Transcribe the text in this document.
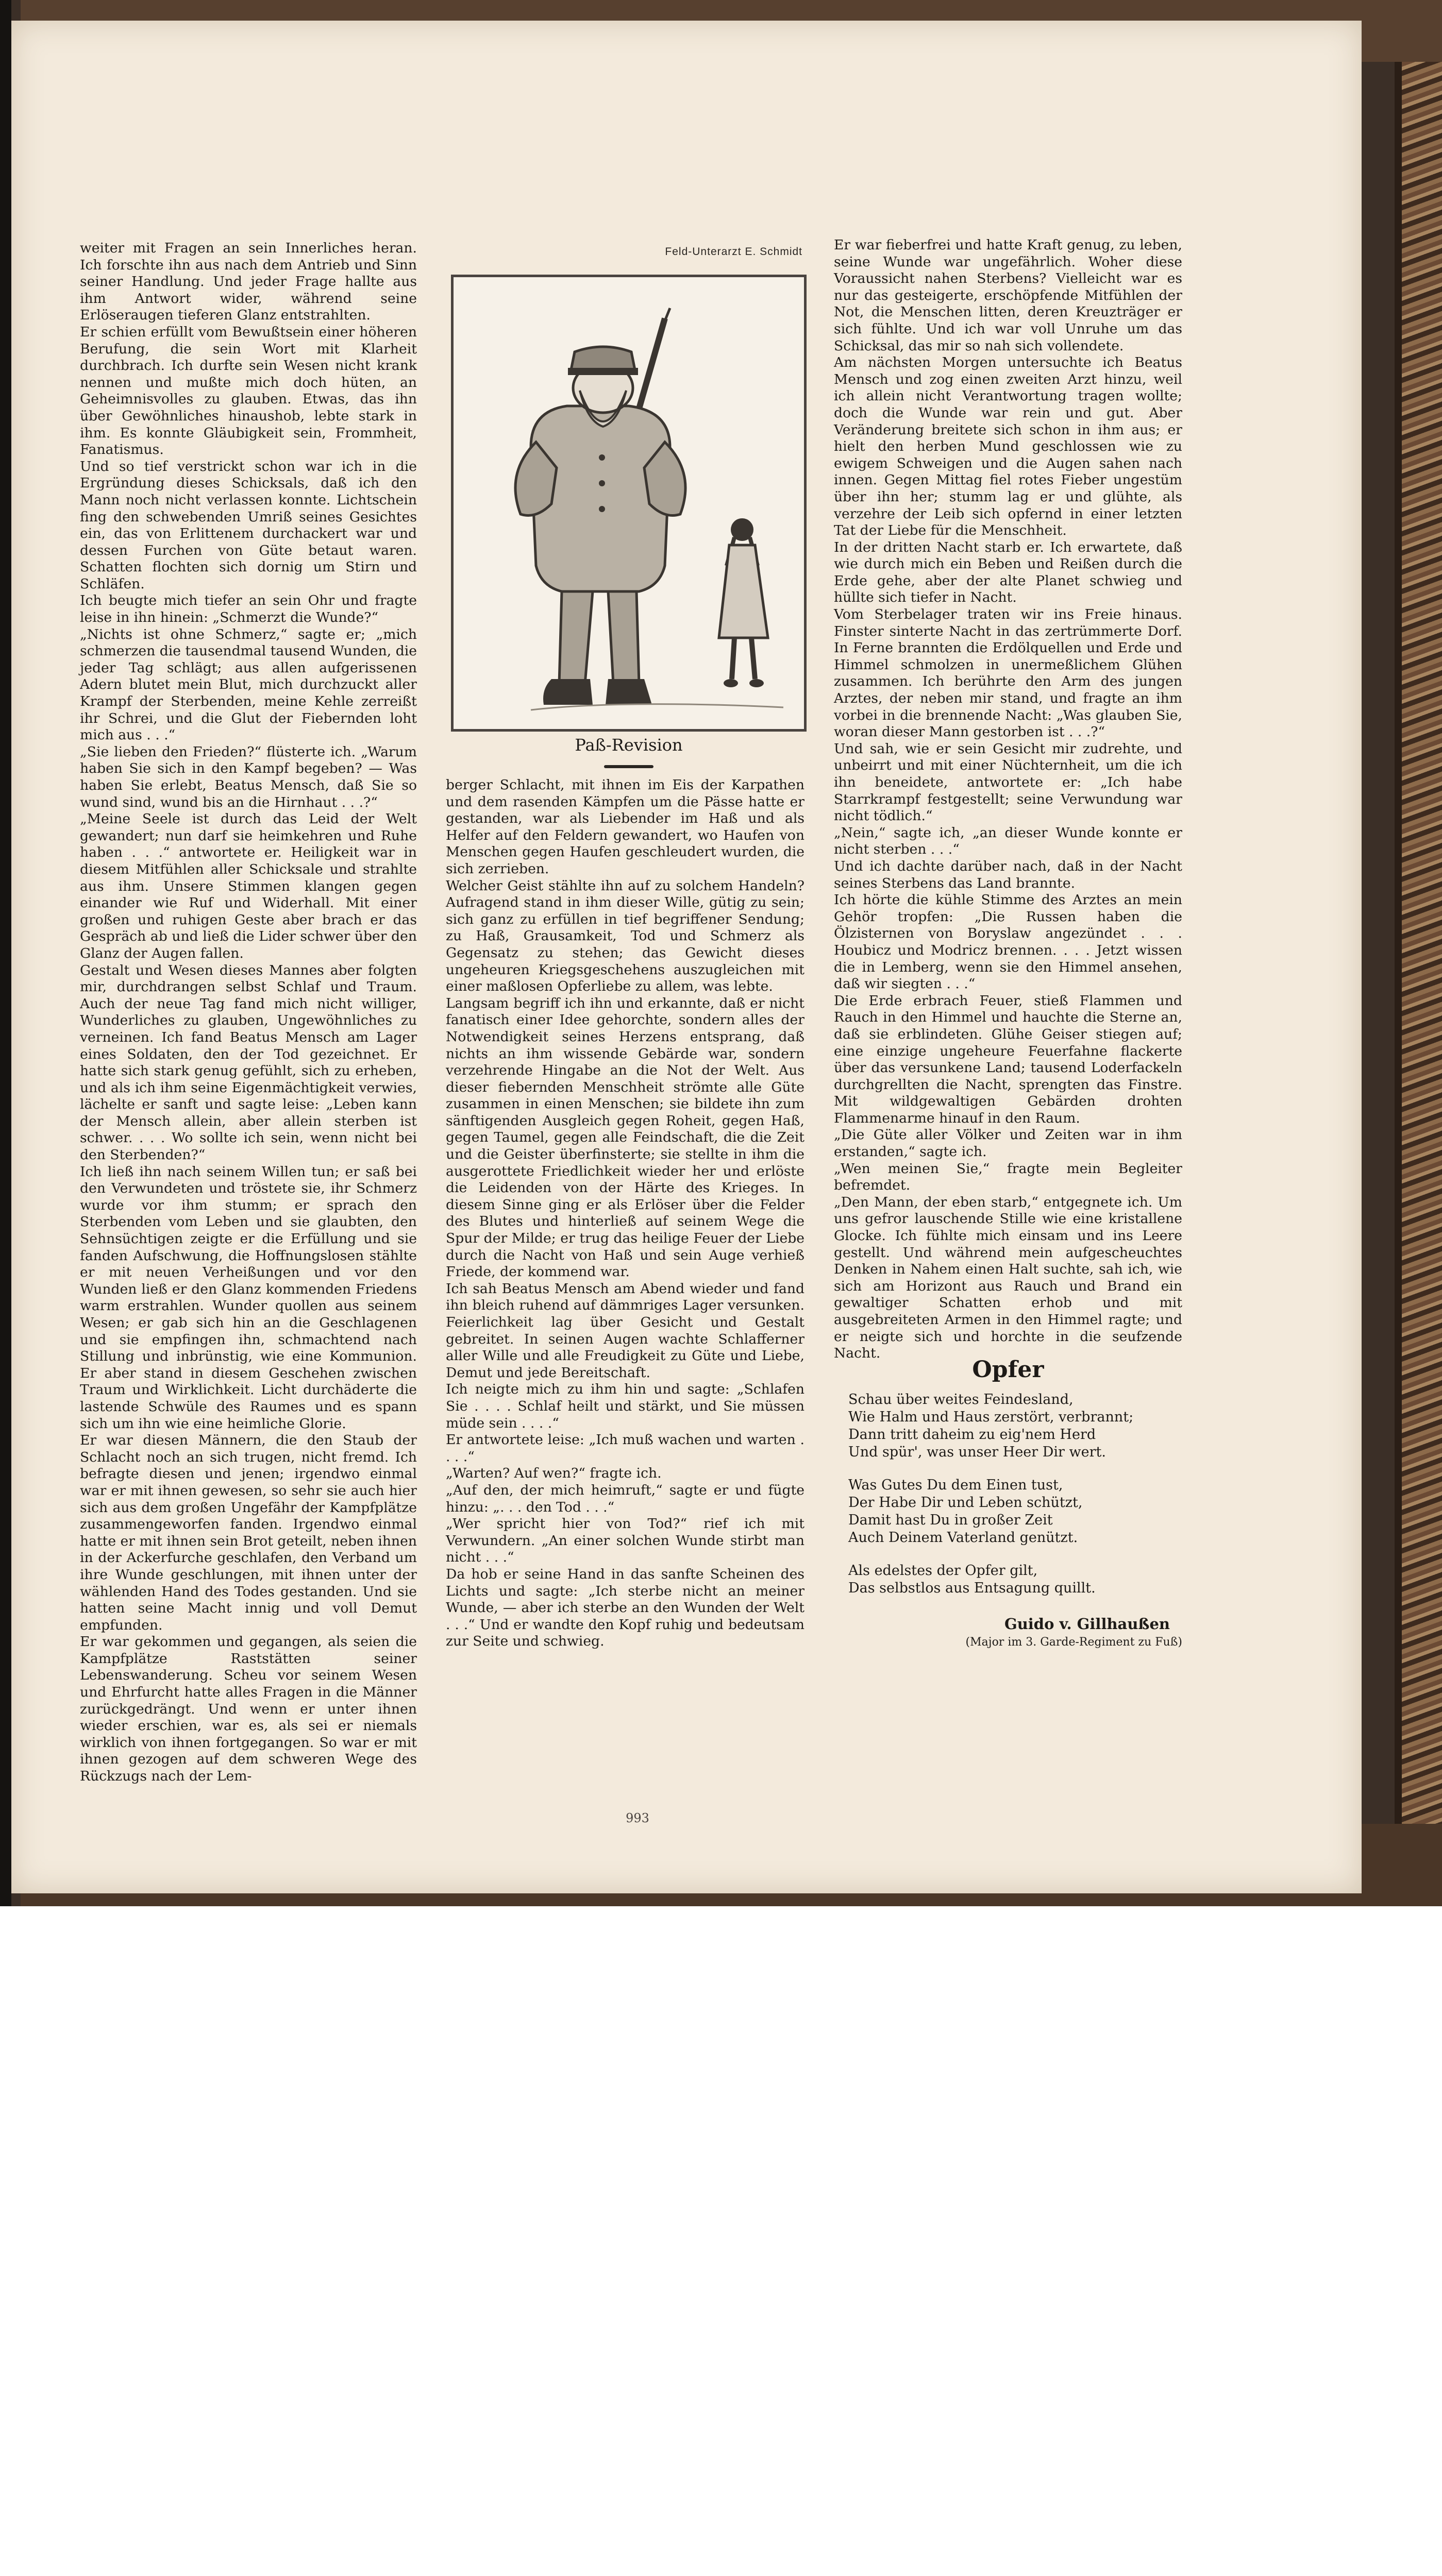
Feld-Unterarzt E. Schmidt
Paß-Revision

weiter mit Fragen an sein Innerliches heran. Ich forschte ihn aus nach dem Antrieb und Sinn seiner Handlung. Und jeder Frage hallte aus ihm Antwort wider, während seine Erlöseraugen tieferen Glanz entstrahlten.

Er schien erfüllt vom Bewußtsein einer höheren Berufung, die sein Wort mit Klarheit durchbrach. Ich durfte sein Wesen nicht krank nennen und mußte mich doch hüten, an Geheimnisvolles zu glauben. Etwas, das ihn über Gewöhnliches hinaushob, lebte stark in ihm. Es konnte Gläubigkeit sein, Frommheit, Fanatismus.

Und so tief verstrickt schon war ich in die Ergründung dieses Schicksals, daß ich den Mann noch nicht verlassen konnte. Lichtschein fing den schwebenden Umriß seines Gesichtes ein, das von Erlittenem durchackert war und dessen Furchen von Güte betaut waren. Schatten flochten sich dornig um Stirn und Schläfen.

Ich beugte mich tiefer an sein Ohr und fragte leise in ihn hinein: „Schmerzt die Wunde?“

„Nichts ist ohne Schmerz,“ sagte er; „mich schmerzen die tausendmal tausend Wunden, die jeder Tag schlägt; aus allen aufgerissenen Adern blutet mein Blut, mich durchzuckt aller Krampf der Sterbenden, meine Kehle zerreißt ihr Schrei, und die Glut der Fiebernden loht mich aus . . .“

„Sie lieben den Frieden?“ flüsterte ich. „Warum haben Sie sich in den Kampf begeben? — Was haben Sie erlebt, Beatus Mensch, daß Sie so wund sind, wund bis an die Hirnhaut . . .?“

„Meine Seele ist durch das Leid der Welt gewandert; nun darf sie heimkehren und Ruhe haben . . .“ antwortete er. Heiligkeit war in diesem Mitfühlen aller Schicksale und strahlte aus ihm. Unsere Stimmen klangen gegen einander wie Ruf und Widerhall. Mit einer großen und ruhigen Geste aber brach er das Gespräch ab und ließ die Lider schwer über den Glanz der Augen fallen.

Gestalt und Wesen dieses Mannes aber folgten mir, durchdrangen selbst Schlaf und Traum. Auch der neue Tag fand mich nicht williger, Wunderliches zu glauben, Ungewöhnliches zu verneinen. Ich fand Beatus Mensch am Lager eines Soldaten, den der Tod gezeichnet. Er hatte sich stark genug gefühlt, sich zu erheben, und als ich ihm seine Eigenmächtigkeit verwies, lächelte er sanft und sagte leise: „Leben kann der Mensch allein, aber allein sterben ist schwer. . . . Wo sollte ich sein, wenn nicht bei den Sterbenden?“

Ich ließ ihn nach seinem Willen tun; er saß bei den Verwundeten und tröstete sie, ihr Schmerz wurde vor ihm stumm; er sprach den Sterbenden vom Leben und sie glaubten, den Sehnsüchtigen zeigte er die Erfüllung und sie fanden Aufschwung, die Hoffnungslosen stählte er mit neuen Verheißungen und vor den Wunden ließ er den Glanz kommenden Friedens warm erstrahlen. Wunder quollen aus seinem Wesen; er gab sich hin an die Geschlagenen und sie empfingen ihn, schmachtend nach Stillung und inbrünstig, wie eine Kommunion. Er aber stand in diesem Geschehen zwischen Traum und Wirklichkeit. Licht durchäderte die lastende Schwüle des Raumes und es spann sich um ihn wie eine heimliche Glorie.

Er war diesen Männern, die den Staub der Schlacht noch an sich trugen, nicht fremd. Ich befragte diesen und jenen; irgendwo einmal war er mit ihnen gewesen, so sehr sie auch hier sich aus dem großen Ungefähr der Kampfplätze zusammengeworfen fanden. Irgendwo einmal hatte er mit ihnen sein Brot geteilt, neben ihnen in der Ackerfurche geschlafen, den Verband um ihre Wunde geschlungen, mit ihnen unter der wählenden Hand des Todes gestanden. Und sie hatten seine Macht innig und voll Demut empfunden.

Er war gekommen und gegangen, als seien die Kampfplätze Raststätten seiner Lebenswanderung. Scheu vor seinem Wesen und Ehrfurcht hatte alles Fragen in die Männer zurückgedrängt. Und wenn er unter ihnen wieder erschien, war es, als sei er niemals wirklich von ihnen fortgegangen. So war er mit ihnen gezogen auf dem schweren Wege des Rückzugs nach der Lem-

berger Schlacht, mit ihnen im Eis der Karpathen und dem rasenden Kämpfen um die Pässe hatte er gestanden, war als Liebender im Haß und als Helfer auf den Feldern gewandert, wo Haufen von Menschen gegen Haufen geschleudert wurden, die sich zerrieben.

Welcher Geist stählte ihn auf zu solchem Handeln? Aufragend stand in ihm dieser Wille, gütig zu sein; sich ganz zu erfüllen in tief begriffener Sendung; zu Haß, Grausamkeit, Tod und Schmerz als Gegensatz zu stehen; das Gewicht dieses ungeheuren Kriegsgeschehens auszugleichen mit einer maßlosen Opferliebe zu allem, was lebte.

Langsam begriff ich ihn und erkannte, daß er nicht fanatisch einer Idee gehorchte, sondern alles der Notwendigkeit seines Herzens entsprang, daß nichts an ihm wissende Gebärde war, sondern verzehrende Hingabe an die Not der Welt. Aus dieser fiebernden Menschheit strömte alle Güte zusammen in einen Menschen; sie bildete ihn zum sänftigenden Ausgleich gegen Roheit, gegen Haß, gegen Taumel, gegen alle Feindschaft, die die Zeit und die Geister überfinsterte; sie stellte in ihm die ausgerottete Friedlichkeit wieder her und erlöste die Leidenden von der Härte des Krieges. In diesem Sinne ging er als Erlöser über die Felder des Blutes und hinterließ auf seinem Wege die Spur der Milde; er trug das heilige Feuer der Liebe durch die Nacht von Haß und sein Auge verhieß Friede, der kommend war.

Ich sah Beatus Mensch am Abend wieder und fand ihn bleich ruhend auf dämmriges Lager versunken. Feierlichkeit lag über Gesicht und Gestalt gebreitet. In seinen Augen wachte Schlafferner aller Wille und alle Freudigkeit zu Güte und Liebe, Demut und jede Bereitschaft.

Ich neigte mich zu ihm hin und sagte: „Schlafen Sie . . . . Schlaf heilt und stärkt, und Sie müssen müde sein . . . .“

Er antwortete leise: „Ich muß wachen und warten . . . .“

„Warten? Auf wen?“ fragte ich.

„Auf den, der mich heimruft,“ sagte er und fügte hinzu: „. . . den Tod . . .“

„Wer spricht hier von Tod?“ rief ich mit Verwundern. „An einer solchen Wunde stirbt man nicht . . .“

Da hob er seine Hand in das sanfte Scheinen des Lichts und sagte: „Ich sterbe nicht an meiner Wunde, — aber ich sterbe an den Wunden der Welt . . .“ Und er wandte den Kopf ruhig und bedeutsam zur Seite und schwieg.

Er war fieberfrei und hatte Kraft genug, zu leben, seine Wunde war ungefährlich. Woher diese Voraussicht nahen Sterbens? Vielleicht war es nur das gesteigerte, erschöpfende Mitfühlen der Not, die Menschen litten, deren Kreuzträger er sich fühlte. Und ich war voll Unruhe um das Schicksal, das mir so nah sich vollendete.

Am nächsten Morgen untersuchte ich Beatus Mensch und zog einen zweiten Arzt hinzu, weil ich allein nicht Verantwortung tragen wollte; doch die Wunde war rein und gut. Aber Veränderung breitete sich schon in ihm aus; er hielt den herben Mund geschlossen wie zu ewigem Schweigen und die Augen sahen nach innen. Gegen Mittag fiel rotes Fieber ungestüm über ihn her; stumm lag er und glühte, als verzehre der Leib sich opfernd in einer letzten Tat der Liebe für die Menschheit.

In der dritten Nacht starb er. Ich erwartete, daß wie durch mich ein Beben und Reißen durch die Erde gehe, aber der alte Planet schwieg und hüllte sich tiefer in Nacht.

Vom Sterbelager traten wir ins Freie hinaus. Finster sinterte Nacht in das zertrümmerte Dorf. In Ferne brannten die Erdölquellen und Erde und Himmel schmolzen in unermeßlichem Glühen zusammen. Ich berührte den Arm des jungen Arztes, der neben mir stand, und fragte an ihm vorbei in die brennende Nacht: „Was glauben Sie, woran dieser Mann gestorben ist . . .?“

Und sah, wie er sein Gesicht mir zudrehte, und unbeirrt und mit einer Nüchternheit, um die ich ihn beneidete, antwortete er: „Ich habe Starrkrampf festgestellt; seine Verwundung war nicht tödlich.“

„Nein,“ sagte ich, „an dieser Wunde konnte er nicht sterben . . .“

Und ich dachte darüber nach, daß in der Nacht seines Sterbens das Land brannte.

Ich hörte die kühle Stimme des Arztes an mein Gehör tropfen: „Die Russen haben die Ölzisternen von Boryslaw angezündet . . . Houbicz und Modricz brennen. . . . Jetzt wissen die in Lemberg, wenn sie den Himmel ansehen, daß wir siegten . . .“

Die Erde erbrach Feuer, stieß Flammen und Rauch in den Himmel und hauchte die Sterne an, daß sie erblindeten. Glühe Geiser stiegen auf; eine einzige ungeheure Feuerfahne flackerte über das versunkene Land; tausend Loderfackeln durchgrellten die Nacht, sprengten das Finstre. Mit wildgewaltigen Gebärden drohten Flammenarme hinauf in den Raum.

„Die Güte aller Völker und Zeiten war in ihm erstanden,“ sagte ich.

„Wen meinen Sie,“ fragte mein Begleiter befremdet.

„Den Mann, der eben starb,“ entgegnete ich. Um uns gefror lauschende Stille wie eine kristallene Glocke. Ich fühlte mich einsam und ins Leere gestellt. Und während mein aufgescheuchtes Denken in Nahem einen Halt suchte, sah ich, wie sich am Horizont aus Rauch und Brand ein gewaltiger Schatten erhob und mit ausgebreiteten Armen in den Himmel ragte; und er neigte sich und horchte in die seufzende Nacht.

Opfer
Schau über weites Feindesland,
Wie Halm und Haus zerstört, verbrannt;
Dann tritt daheim zu eig'nem Herd
Und spür', was unser Heer Dir wert.
Was Gutes Du dem Einen tust,
Der Habe Dir und Leben schützt,
Damit hast Du in großer Zeit
Auch Deinem Vaterland genützt.
Als edelstes der Opfer gilt,
Das selbstlos aus Entsagung quillt.
Guido v. Gillhaußen
(Major im 3. Garde-Regiment zu Fuß)
993
